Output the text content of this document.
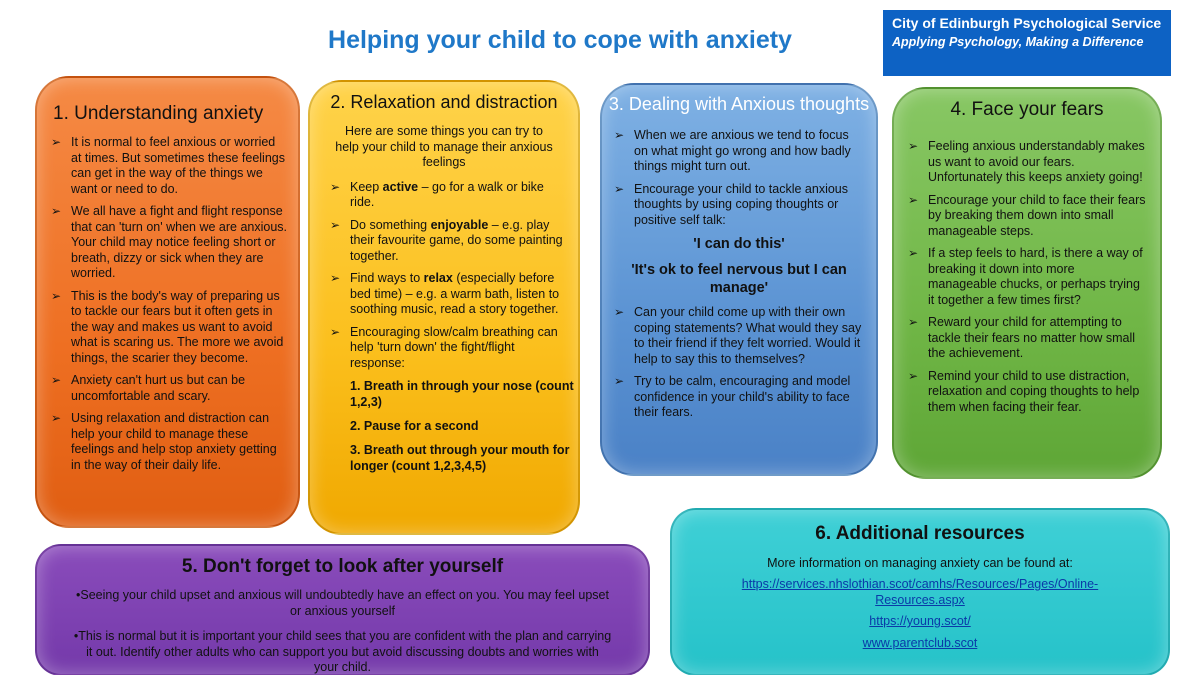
Helping your child to cope with anxiety
City of Edinburgh Psychological Service
Applying Psychology, Making a Difference
1. Understanding anxiety
➢ It is normal to feel anxious or worried at times. But sometimes these feelings can get in the way of the things we want or need to do.
➢ We all have a fight and flight response that can 'turn on' when we are anxious. Your child may notice feeling short or breath, dizzy or sick when they are worried.
➢ This is the body's way of preparing us to tackle our fears but it often gets in the way and makes us want to avoid what is scaring us. The more we avoid things, the scarier they become.
➢ Anxiety can't hurt us but can be uncomfortable and scary.
➢ Using relaxation and distraction can help your child to manage these feelings and help stop anxiety getting in the way of their daily life.
2. Relaxation and distraction
Here are some things you can try to help your child to manage their anxious feelings
➢ Keep active – go for a walk or bike ride.
➢ Do something enjoyable – e.g. play their favourite game, do some painting together.
➢ Find ways to relax (especially before bed time) – e.g. a warm bath, listen to soothing music, read a story together.
➢ Encouraging slow/calm breathing can help 'turn down' the fight/flight response:
1. Breath in through your nose (count 1,2,3)
2. Pause for a second
3. Breath out through your mouth for longer (count 1,2,3,4,5)
3. Dealing with Anxious thoughts
➢ When we are anxious we tend to focus on what might go wrong and how badly things might turn out.
➢ Encourage your child to tackle anxious thoughts by using coping thoughts or positive self talk:
'I can do this'
'It's ok to feel nervous but I can manage'
➢ Can your child come up with their own coping statements? What would they say to their friend if they felt worried. Would it help to say this to themselves?
➢ Try to be calm, encouraging and model confidence in your child's ability to face their fears.
4. Face your fears
➢ Feeling anxious understandably makes us want to avoid our fears. Unfortunately this keeps anxiety going!
➢ Encourage your child to face their fears by breaking them down into small manageable steps.
➢ If a step feels to hard, is there a way of breaking it down into more manageable chucks, or perhaps trying it together a few times first?
➢ Reward your child for attempting to tackle their fears no matter how small the achievement.
➢ Remind your child to use distraction, relaxation and coping thoughts to help them when facing their fear.
5. Don't forget to look after yourself
•Seeing your child upset and anxious will undoubtedly have an effect on you. You may feel upset or anxious yourself
•This is normal but it is important your child sees that you are confident with the plan and carrying it out. Identify other adults who can support you but avoid discussing doubts and worries with your child.
6. Additional resources
More information on managing anxiety can be found at:
https://services.nhslothian.scot/camhs/Resources/Pages/Online-Resources.aspx
https://young.scot/
www.parentclub.scot
